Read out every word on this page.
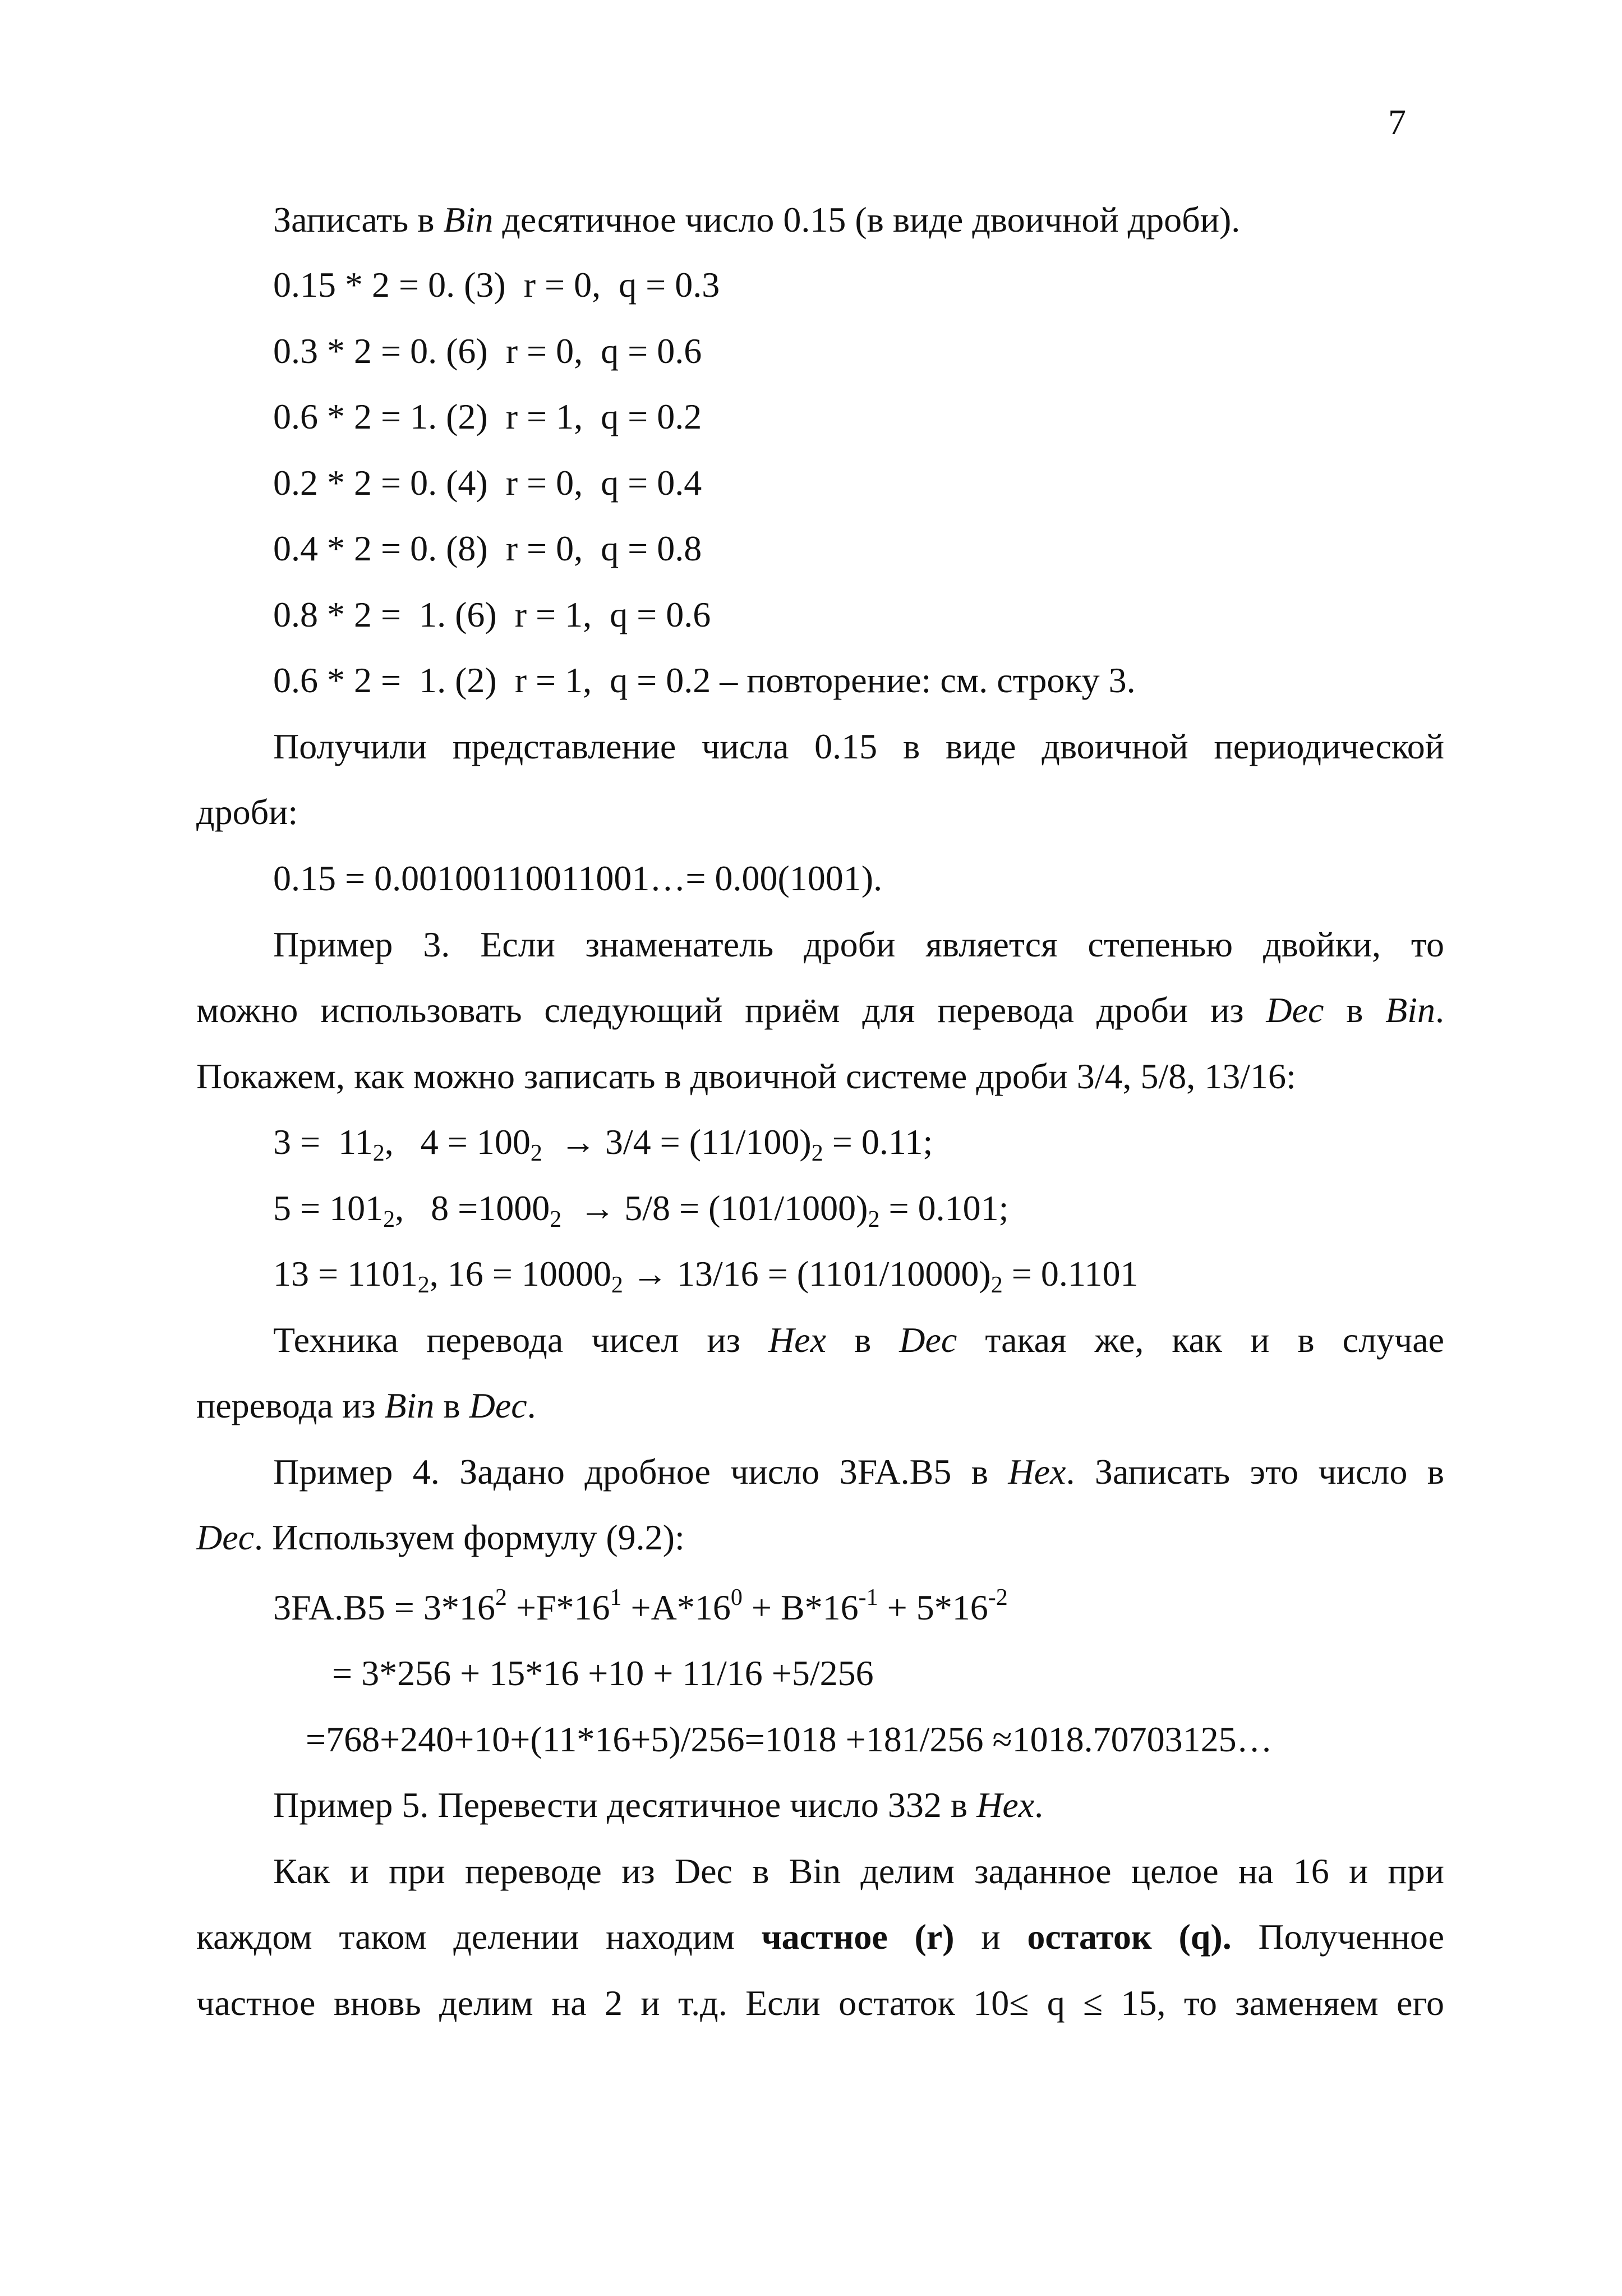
7
Записать в Bin десятичное число 0.15 (в виде двоичной дроби).
0.15 * 2 = 0. (3)  r = 0,  q = 0.3
0.3 * 2 = 0. (6)  r = 0,  q = 0.6
0.6 * 2 = 1. (2)  r = 1,  q = 0.2
0.2 * 2 = 0. (4)  r = 0,  q = 0.4
0.4 * 2 = 0. (8)  r = 0,  q = 0.8
0.8 * 2 =  1. (6)  r = 1,  q = 0.6
0.6 * 2 =  1. (2)  r = 1,  q = 0.2 – повторение: см. строку 3.
Получили представление числа 0.15 в виде двоичной периодической
дроби:
0.15 = 0.00100110011001…= 0.00(1001).
Пример 3. Если знаменатель дроби является степенью двойки, то
можно использовать следующий приём для перевода дроби из Dec в Bin.
Покажем, как можно записать в двоичной системе дроби 3/4, 5/8, 13/16:
$3 = 11_2$,   $4 = 100_2 \to 3/4 = (11/100)_2 = 0.11$;
$5 = 101_2$,   $8 =1000_2 \to 5/8 = (101/1000)_2 = 0.101$;
$13 = 1101_2$, $16 = 10000_2 \to 13/16 = (1101/10000)_2 = 0.1101$
Техника перевода чисел из Hex в Dec такая же, как и в случае
перевода из Bin в Dec.
Пример 4. Задано дробное число 3FA.B5 в Hex. Записать это число в
Dec. Используем формулу (9.2):
$3FA.B5 = 3*16^2 +F*16^1 +A*16^0 + B*16^{-1} + 5*16^{-2}$
= 3*256 + 15*16 +10 + 11/16 +5/256
=768+240+10+(11*16+5)/256=1018 +181/256 ≈1018.70703125…
Пример 5. Перевести десятичное число 332 в Hex.
Как и при переводе из Dec в Bin делим заданное целое на 16 и при
каждом таком делении находим частное (r) и остаток (q). Полученное
частное вновь делим на 2 и т.д. Если остаток 10≤ q ≤ 15, то заменяем его
